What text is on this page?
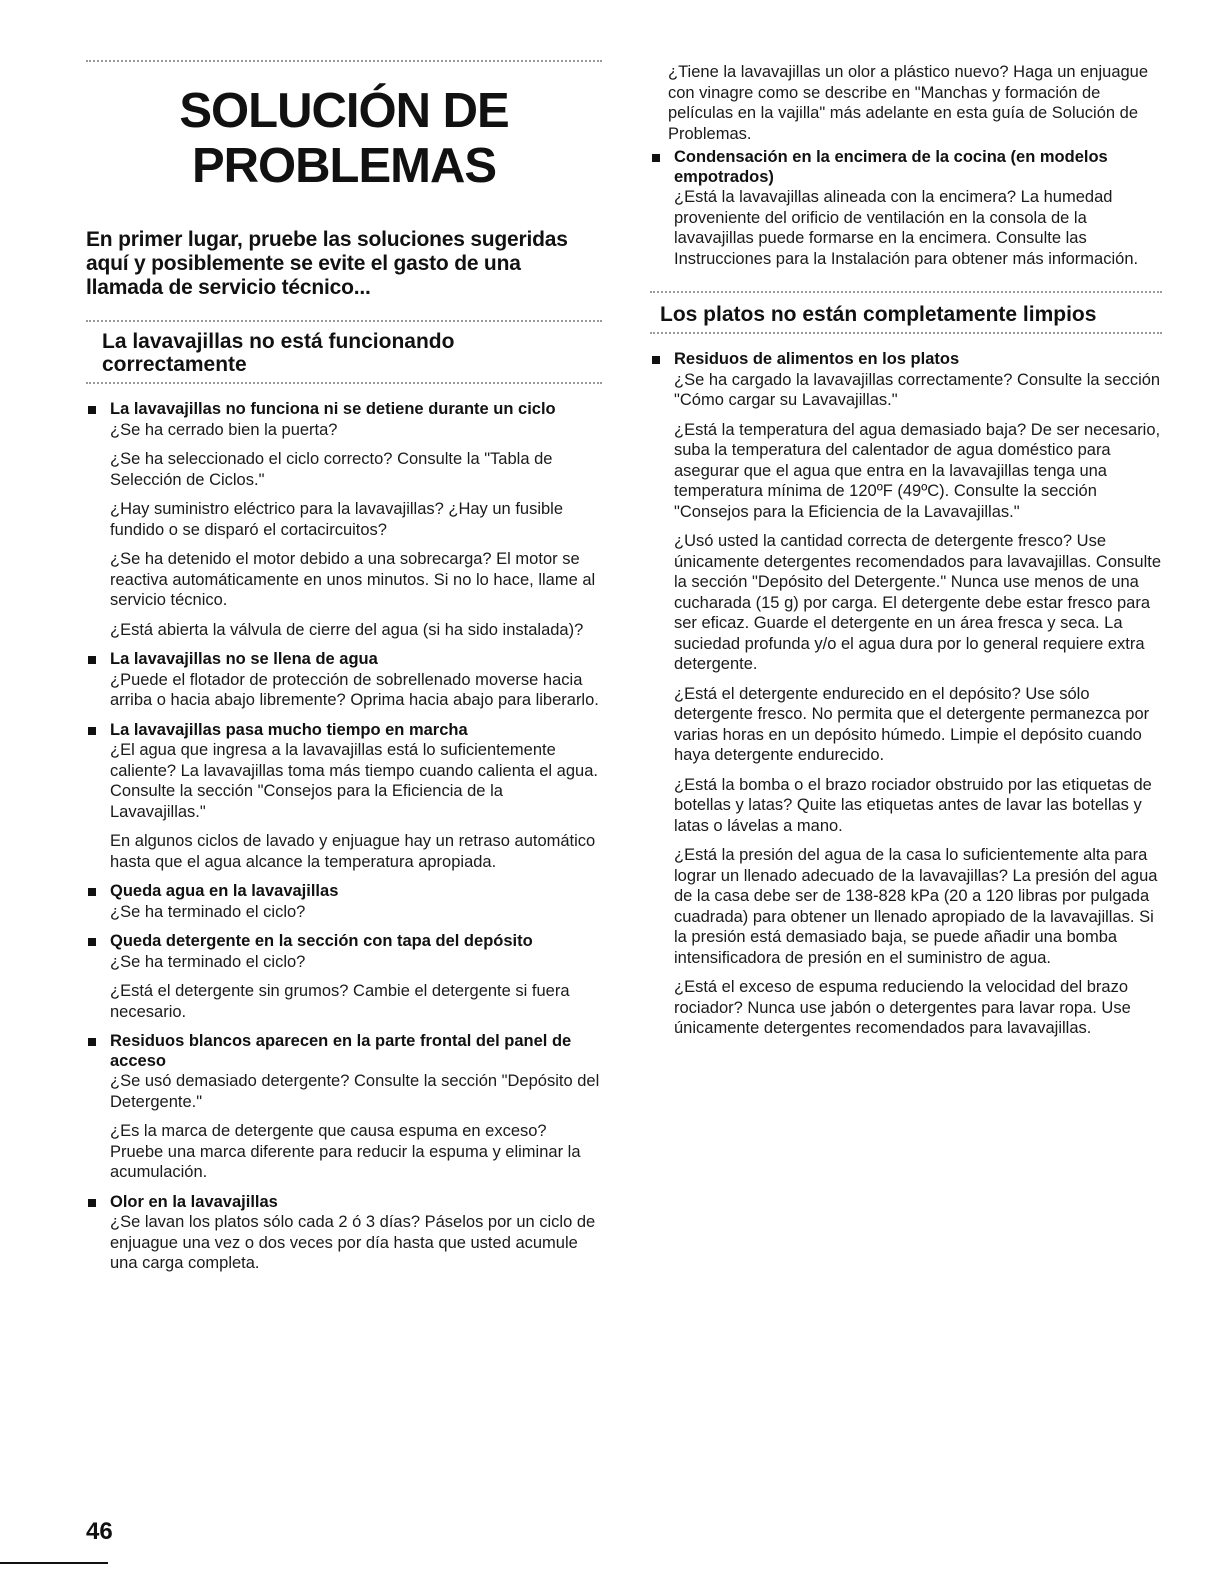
SOLUCIÓN DE
PROBLEMAS

En primer lugar, pruebe las soluciones sugeridas aquí y posiblemente se evite el gasto de una llamada de servicio técnico...

La lavavajillas no está funcionando correctamente

La lavavajillas no funciona ni se detiene durante un ciclo

¿Se ha cerrado bien la puerta?

¿Se ha seleccionado el ciclo correcto? Consulte la "Tabla de Selección de Ciclos."

¿Hay suministro eléctrico para la lavavajillas? ¿Hay un fusible fundido o se disparó el cortacircuitos?

¿Se ha detenido el motor debido a una sobrecarga? El motor se reactiva automáticamente en unos minutos. Si no lo hace, llame al servicio técnico.

¿Está abierta la válvula de cierre del agua (si ha sido instalada)?

La lavavajillas no se llena de agua

¿Puede el flotador de protección de sobrellenado moverse hacia arriba o hacia abajo libremente? Oprima hacia abajo para liberarlo.

La lavavajillas pasa mucho tiempo en marcha

¿El agua que ingresa a la lavavajillas está lo suficientemente caliente? La lavavajillas toma más tiempo cuando calienta el agua. Consulte la sección "Consejos para la Eficiencia de la Lavavajillas."

En algunos ciclos de lavado y enjuague hay un retraso automático hasta que el agua alcance la temperatura apropiada.

Queda agua en la lavavajillas

¿Se ha terminado el ciclo?

Queda detergente en la sección con tapa del depósito

¿Se ha terminado el ciclo?

¿Está el detergente sin grumos? Cambie el detergente si fuera necesario.

Residuos blancos aparecen en la parte frontal del panel de acceso

¿Se usó demasiado detergente? Consulte la sección "Depósito del Detergente."

¿Es la marca de detergente que causa espuma en exceso? Pruebe una marca diferente para reducir la espuma y eliminar la acumulación.

Olor en la lavavajillas

¿Se lavan los platos sólo cada 2 ó 3 días? Páselos por un ciclo de enjuague una vez o dos veces por día hasta que usted acumule una carga completa.

¿Tiene la lavavajillas un olor a plástico nuevo? Haga un enjuague con vinagre como se describe en "Manchas y formación de películas en la vajilla" más adelante en esta guía de Solución de Problemas.

Condensación en la encimera de la cocina (en modelos empotrados)

¿Está la lavavajillas alineada con la encimera? La humedad proveniente del orificio de ventilación en la consola de la lavavajillas puede formarse en la encimera. Consulte las Instrucciones para la Instalación para obtener más información.

Los platos no están completamente limpios

Residuos de alimentos en los platos

¿Se ha cargado la lavavajillas correctamente? Consulte la sección "Cómo cargar su Lavavajillas."

¿Está la temperatura del agua demasiado baja? De ser necesario, suba la temperatura del calentador de agua doméstico para asegurar que el agua que entra en la lavavajillas tenga una temperatura mínima de 120ºF (49ºC). Consulte la sección "Consejos para la Eficiencia de la Lavavajillas."

¿Usó usted la cantidad correcta de detergente fresco? Use únicamente detergentes recomendados para lavavajillas. Consulte la sección "Depósito del Detergente." Nunca use menos de una cucharada (15 g) por carga. El detergente debe estar fresco para ser eficaz. Guarde el detergente en un área fresca y seca. La suciedad profunda y/o el agua dura por lo general requiere extra detergente.

¿Está el detergente endurecido en el depósito? Use sólo detergente fresco. No permita que el detergente permanezca por varias horas en un depósito húmedo. Limpie el depósito cuando haya detergente endurecido.

¿Está la bomba o el brazo rociador obstruido por las etiquetas de botellas y latas? Quite las etiquetas antes de lavar las botellas y latas o lávelas a mano.

¿Está la presión del agua de la casa lo suficientemente alta para lograr un llenado adecuado de la lavavajillas? La presión del agua de la casa debe ser de 138-828 kPa (20 a 120 libras por pulgada cuadrada) para obtener un llenado apropiado de la lavavajillas. Si la presión está demasiado baja, se puede añadir una bomba intensificadora de presión en el suministro de agua.

¿Está el exceso de espuma reduciendo la velocidad del brazo rociador? Nunca use jabón o detergentes para lavar ropa. Use únicamente detergentes recomendados para lavavajillas.

46
